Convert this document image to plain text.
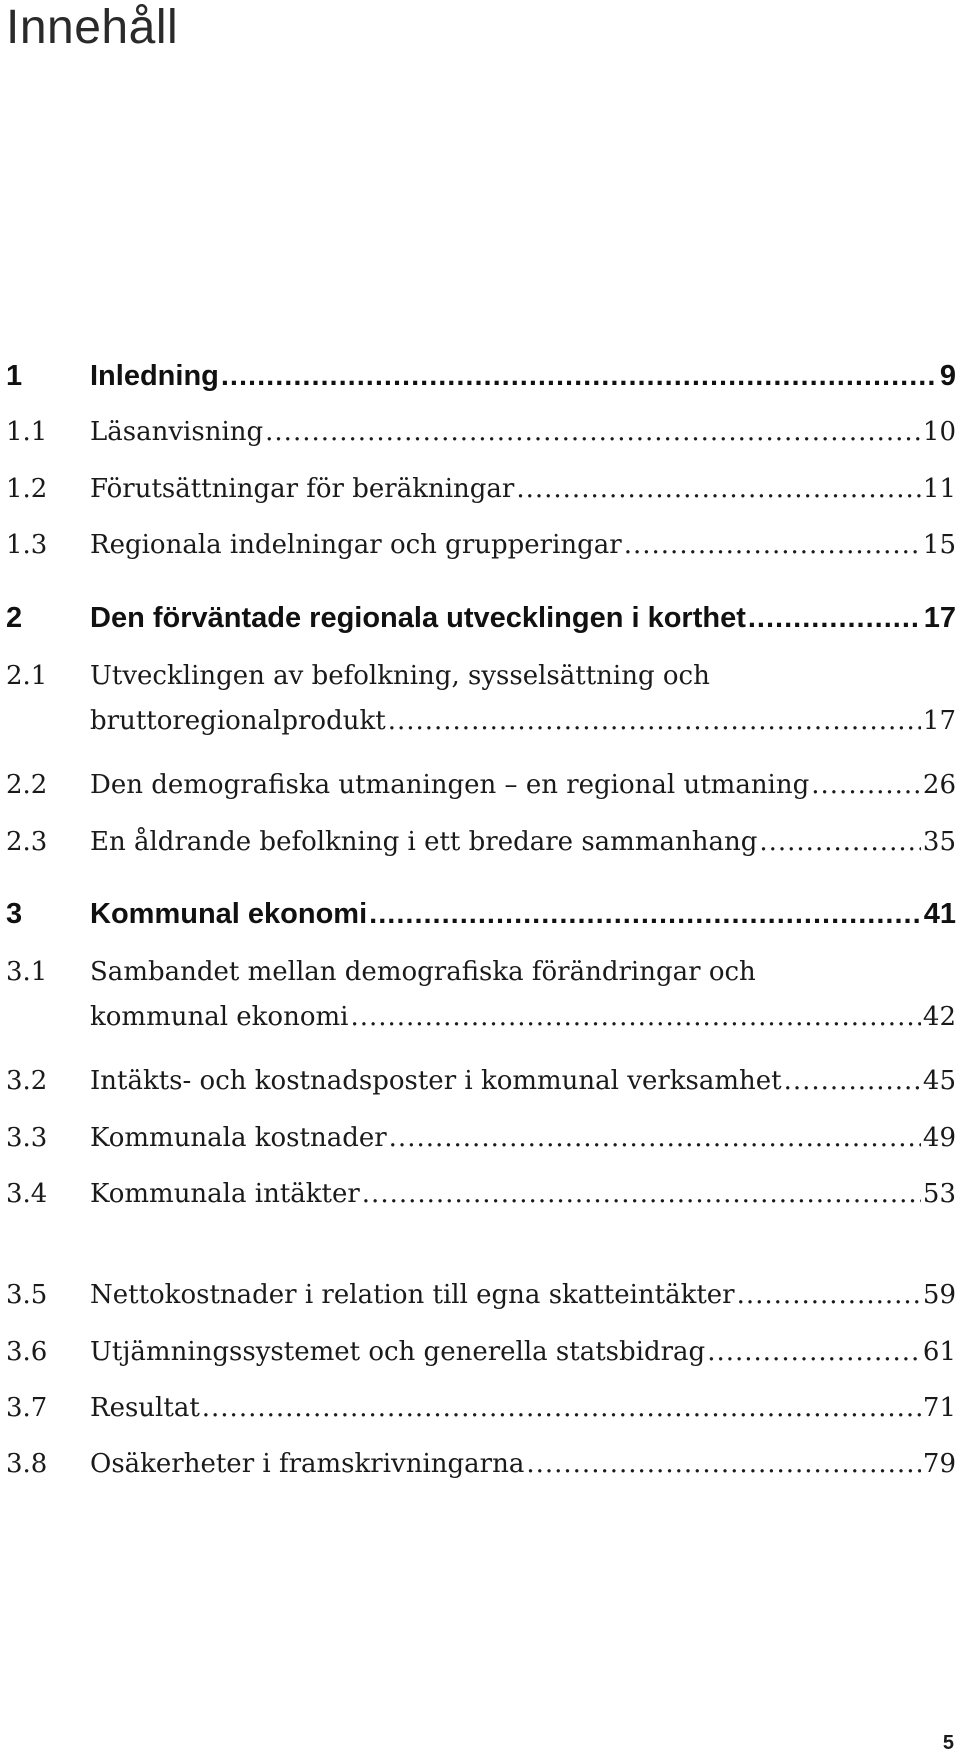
Innehåll
1	Inledning .....	9
1.1	Läsanvisning .....	10
1.2	Förutsättningar för beräkningar .....	11
1.3	Regionala indelningar och grupperingar .....	15
2	Den förväntade regionala utvecklingen i korthet .....	17
2.1	Utvecklingen av befolkning, sysselsättning och
bruttoregionalprodukt .....	17
2.2	Den demografiska utmaningen – en regional utmaning .....	26
2.3	En åldrande befolkning i ett bredare sammanhang .....	35
3	Kommunal ekonomi .....	41
3.1	Sambandet mellan demografiska förändringar och
kommunal ekonomi .....	42
3.2	Intäkts- och kostnadsposter i kommunal verksamhet .....	45
3.3	Kommunala kostnader .....	49
3.4	Kommunala intäkter .....	53
3.5	Nettokostnader i relation till egna skatteintäkter .....	59
3.6	Utjämningssystemet och generella statsbidrag .....	61
3.7	Resultat .....	71
3.8	Osäkerheter i framskrivningarna .....	79
5
